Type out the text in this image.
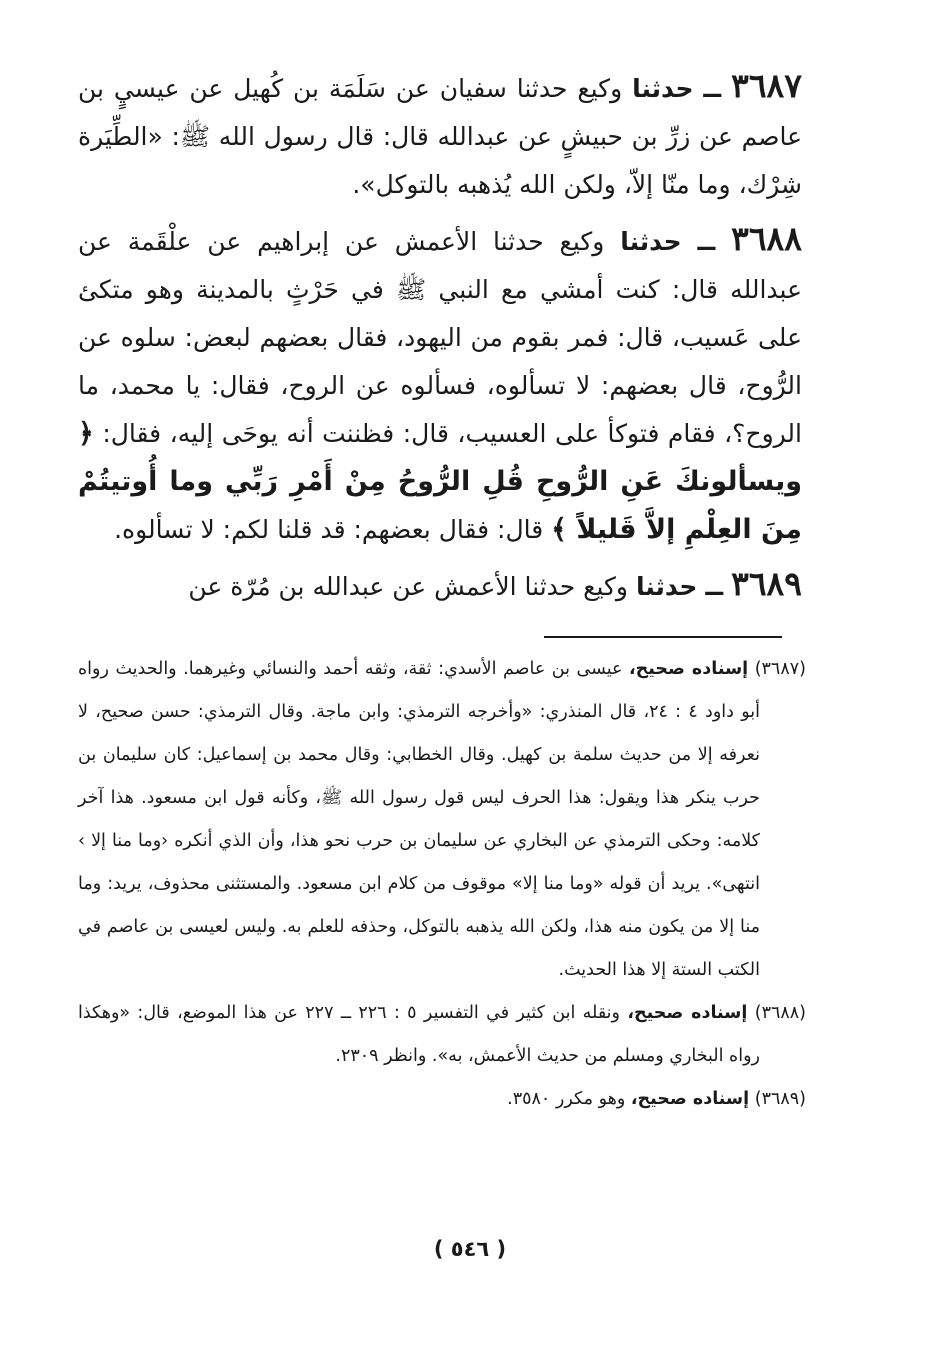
٣٦٨٧ ــ حدثنا وكيع حدثنا سفيان عن سَلَمَة بن كُهيل عن عيسيٍ بن عاصم عن زرِّ بن حبيشٍ عن عبدالله قال: قال رسول الله ﷺ: «الطِّيَرة شِرْك، وما منّا إلاّ، ولكن الله يُذهبه بالتوكل».

٣٦٨٨ ــ حدثنا وكيع حدثنا الأعمش عن إبراهيم عن علْقَمة عن عبدالله قال: كنت أمشي مع النبي ﷺ في حَرْثٍ بالمدينة وهو متكئ على عَسيب، قال: فمر بقوم من اليهود، فقال بعضهم لبعض: سلوه عن الرُّوح، قال بعضهم: لا تسألوه، فسألوه عن الروح، فقال: يا محمد، ما الروح؟، فقام فتوكأ على العسيب، قال: فظننت أنه يوحَى إليه، فقال: ﴿ ويسألونكَ عَنِ الرُّوحِ قُلِ الرُّوحُ مِنْ أَمْرِ رَبِّي وما أُوتيتُمْ مِنَ العِلْمِ إلاَّ قَليلاً ﴾ قال: فقال بعضهم: قد قلنا لكم: لا تسألوه.

٣٦٨٩ ــ حدثنا وكيع حدثنا الأعمش عن عبدالله بن مُرّة عن

(٣٦٨٧) إسناده صحيح، عيسى بن عاصم الأسدي: ثقة، وثقه أحمد والنسائي وغيرهما. والحديث رواه أبو داود ٤ : ٢٤، قال المنذري: «وأخرجه الترمذي: وابن ماجة. وقال الترمذي: حسن صحيح، لا نعرفه إلا من حديث سلمة بن كهيل. وقال الخطابي: وقال محمد بن إسماعيل: كان سليمان بن حرب ينكر هذا ويقول: هذا الحرف ليس قول رسول الله ﷺ، وكأنه قول ابن مسعود. هذا آخر كلامه: وحكى الترمذي عن البخاري عن سليمان بن حرب نحو هذا، وأن الذي أنكره ‹وما منا إلا › انتهى». يريد أن قوله «وما منا إلا» موقوف من كلام ابن مسعود. والمستثنى محذوف، يريد: وما منا إلا من يكون منه هذا، ولكن الله يذهبه بالتوكل، وحذفه للعلم به. وليس لعيسى بن عاصم في الكتب الستة إلا هذا الحديث.

(٣٦٨٨) إسناده صحيح، ونقله ابن كثير في التفسير ٥ : ٢٢٦ ــ ٢٢٧ عن هذا الموضع، قال: «وهكذا رواه البخاري ومسلم من حديث الأعمش، به». وانظر ٢٣٠٩.

(٣٦٨٩) إسناده صحيح، وهو مكرر ٣٥٨٠.

( ٥٤٦ )
